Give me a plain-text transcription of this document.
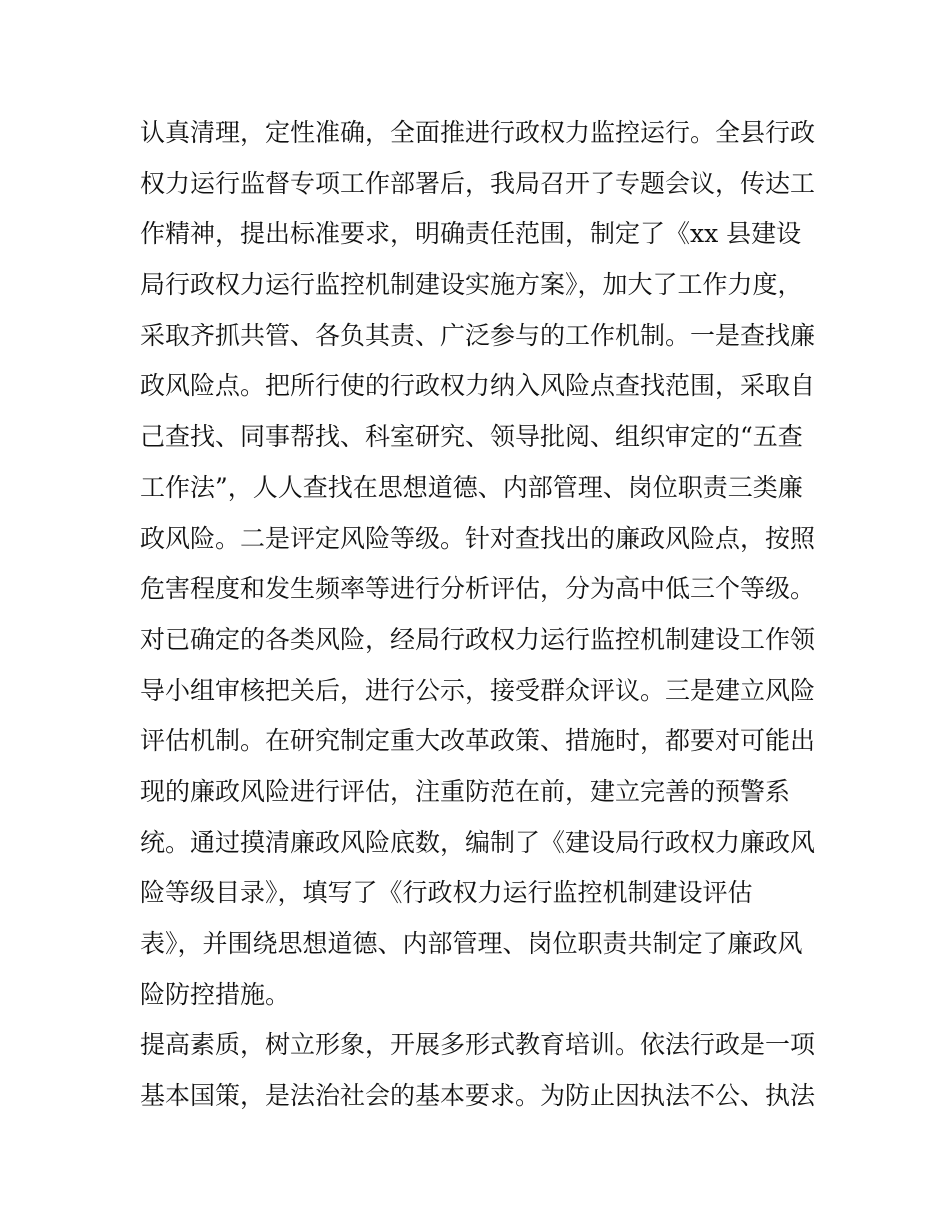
认真清理，定性准确，全面推进行政权力监控运行。全县行政
权力运行监督专项工作部署后，我局召开了专题会议，传达工
作精神，提出标准要求，明确责任范围，制定了《xx 县建设
局行政权力运行监控机制建设实施方案》，加大了工作力度，
采取齐抓共管、各负其责、广泛参与的工作机制。一是查找廉
政风险点。把所行使的行政权力纳入风险点查找范围，采取自
己查找、同事帮找、科室研究、领导批阅、组织审定的“五查
工作法”，人人查找在思想道德、内部管理、岗位职责三类廉
政风险。二是评定风险等级。针对查找出的廉政风险点，按照
危害程度和发生频率等进行分析评估，分为高中低三个等级。
对已确定的各类风险，经局行政权力运行监控机制建设工作领
导小组审核把关后，进行公示，接受群众评议。三是建立风险
评估机制。在研究制定重大改革政策、措施时，都要对可能出
现的廉政风险进行评估，注重防范在前，建立完善的预警系
统。通过摸清廉政风险底数，编制了《建设局行政权力廉政风
险等级目录》，填写了《行政权力运行监控机制建设评估
表》，并围绕思想道德、内部管理、岗位职责共制定了廉政风
险防控措施。
提高素质，树立形象，开展多形式教育培训。依法行政是一项
基本国策，是法治社会的基本要求。为防止因执法不公、执法
